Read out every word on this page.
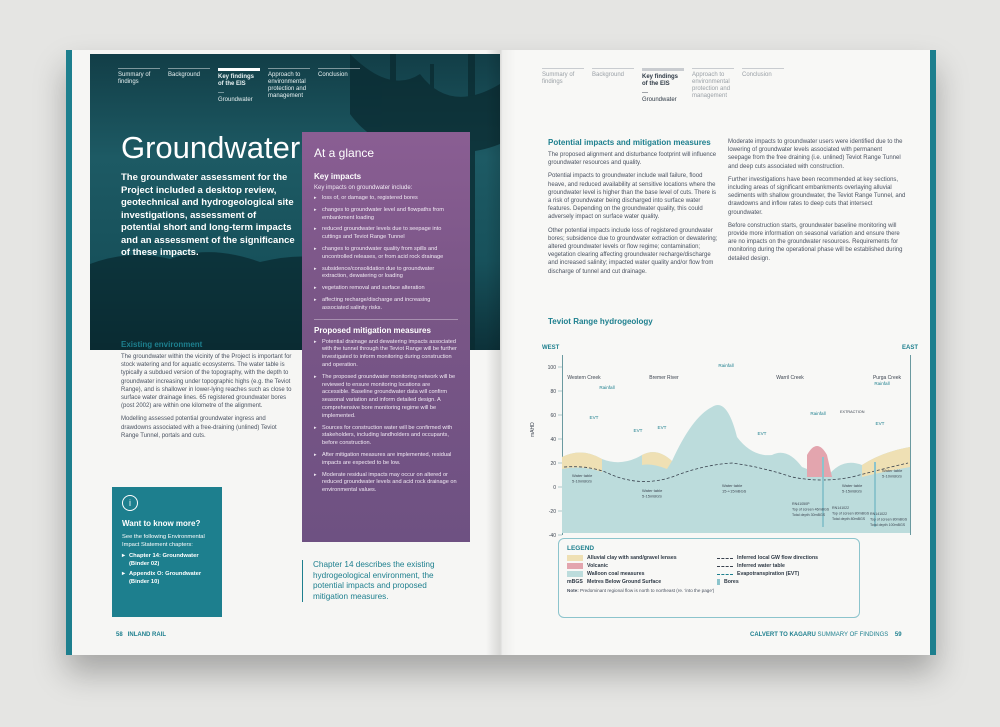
Summary of findings
Background	Key findings of the EIS
—
Groundwater
Approach to environmental protection and management
Conclusion
Groundwater
The groundwater assessment for the Project included a desktop review, geotechnical and hydrogeological site investigations, assessment of potential short and long-term impacts and an assessment of the significance of these impacts.
At a glance
Key impacts
Key impacts on groundwater include:
▸ loss of, or damage to, registered bores
▸ changes to groundwater level and flowpaths from embankment loading
▸ reduced groundwater levels due to seepage into cuttings and Teviot Range Tunnel
▸ changes to groundwater quality from spills and uncontrolled releases, or from acid rock drainage
▸ subsidence/consolidation due to groundwater extraction, dewatering or loading
▸ vegetation removal and surface alteration
▸ affecting recharge/discharge and increasing associated salinity risks.
Proposed mitigation measures
▸ Potential drainage and dewatering impacts associated with the tunnel through the Teviot Range will be further investigated to inform monitoring during construction and operation.
▸ The proposed groundwater monitoring network will be reviewed to ensure monitoring locations are accessible. Baseline groundwater data will confirm seasonal variation and inform detailed design. A comprehensive bore monitoring regime will be implemented.
▸ Sources for construction water will be confirmed with stakeholders, including landholders and occupants, before construction.
▸ After mitigation measures are implemented, residual impacts are expected to be low.
▸ Moderate residual impacts may occur on altered or reduced groundwater levels and acid rock drainage on environmental values.
Existing environment

The groundwater within the vicinity of the Project is important for stock watering and for aquatic ecosystems. The water table is typically a subdued version of the topography, with the depth to groundwater increasing under topographic highs (e.g. the Teviot Range), and is shallower in lower-lying reaches such as close to surface water drainage lines. 65 registered groundwater bores (post 2002) are within one kilometre of the alignment.

Modelling assessed potential groundwater ingress and drawdowns associated with a free-draining (unlined) Teviot Range Tunnel, portals and cuts.

i
Want to know more?
See the following Environmental Impact Statement chapters:
▸ Chapter 14: Groundwater (Binder 02)
▸ Appendix O: Groundwater (Binder 10)
Chapter 14 describes the existing hydrogeological environment, the potential impacts and proposed mitigation measures.
58 INLAND RAIL
Summary of findings
Background	Key findings of the EIS
—
Groundwater
Approach to environmental protection and management
Conclusion
Potential impacts and mitigation measures

The proposed alignment and disturbance footprint will influence groundwater resources and quality.

Potential impacts to groundwater include wall failure, flood heave, and reduced availability at sensitive locations where the groundwater level is higher than the base level of cuts. There is a risk of groundwater being discharged into surface water features. Depending on the groundwater quality, this could adversely impact on surface water quality.

Other potential impacts include loss of registered groundwater bores; subsidence due to groundwater extraction or dewatering; altered groundwater levels or flow regime; contamination; vegetation clearing affecting groundwater recharge/discharge and increased salinity; impacted water quality and/or flow from discharge of tunnel and cut drainage.

Moderate impacts to groundwater users were identified due to the lowering of groundwater levels associated with permanent seepage from the free draining (i.e. unlined) Teviot Range Tunnel and deep cuts associated with construction.

Further investigations have been recommended at key sections, including areas of significant embankments overlaying alluvial sediments with shallow groundwater, the Teviot Range Tunnel, and drawdowns and inflow rates to deep cuts that intersect groundwater.

Before construction starts, groundwater baseline monitoring will provide more information on seasonal variation and ensure there are no impacts on the groundwater resources. Requirements for monitoring during the operational phase will be established during detailed design.

Teviot Range hydrogeology
WEST	EAST
mAHD
100
80
60
40
20
0
-20
-40
Western Creek	Bremer River	Warril Creek	Purga Creek
Rainfall
Rainfall
Rainfall
Rainfall
EVT
EVT
EVT
EVT
EVT
EXTRACTION
Water table
5-10mBGS
Water table
5-15mBGS
Water table
15-+15mBGS
Water table
5-15mBGS
Water table
5-10mBGS
RN41050P
Top of screen 46mBGS
Total depth 30mBGS
RN141022
Top of screen 80mBGS
Total depth 80mBGS
RN141022
Top of screen 80mBGS
Total depth 100mBGS
LEGEND
Alluvial clay with sand/gravel lenses	Inferred local GW flow directions
Volcanic	Inferred water table
Walloon coal measures	Evapotranspiration (EVT)
mBGS Metres Below Ground Surface	Bores
Note: Predominant regional flow is north to northeast (re. 'into the page')
CALVERT TO KAGARU SUMMARY OF FINDINGS 59
